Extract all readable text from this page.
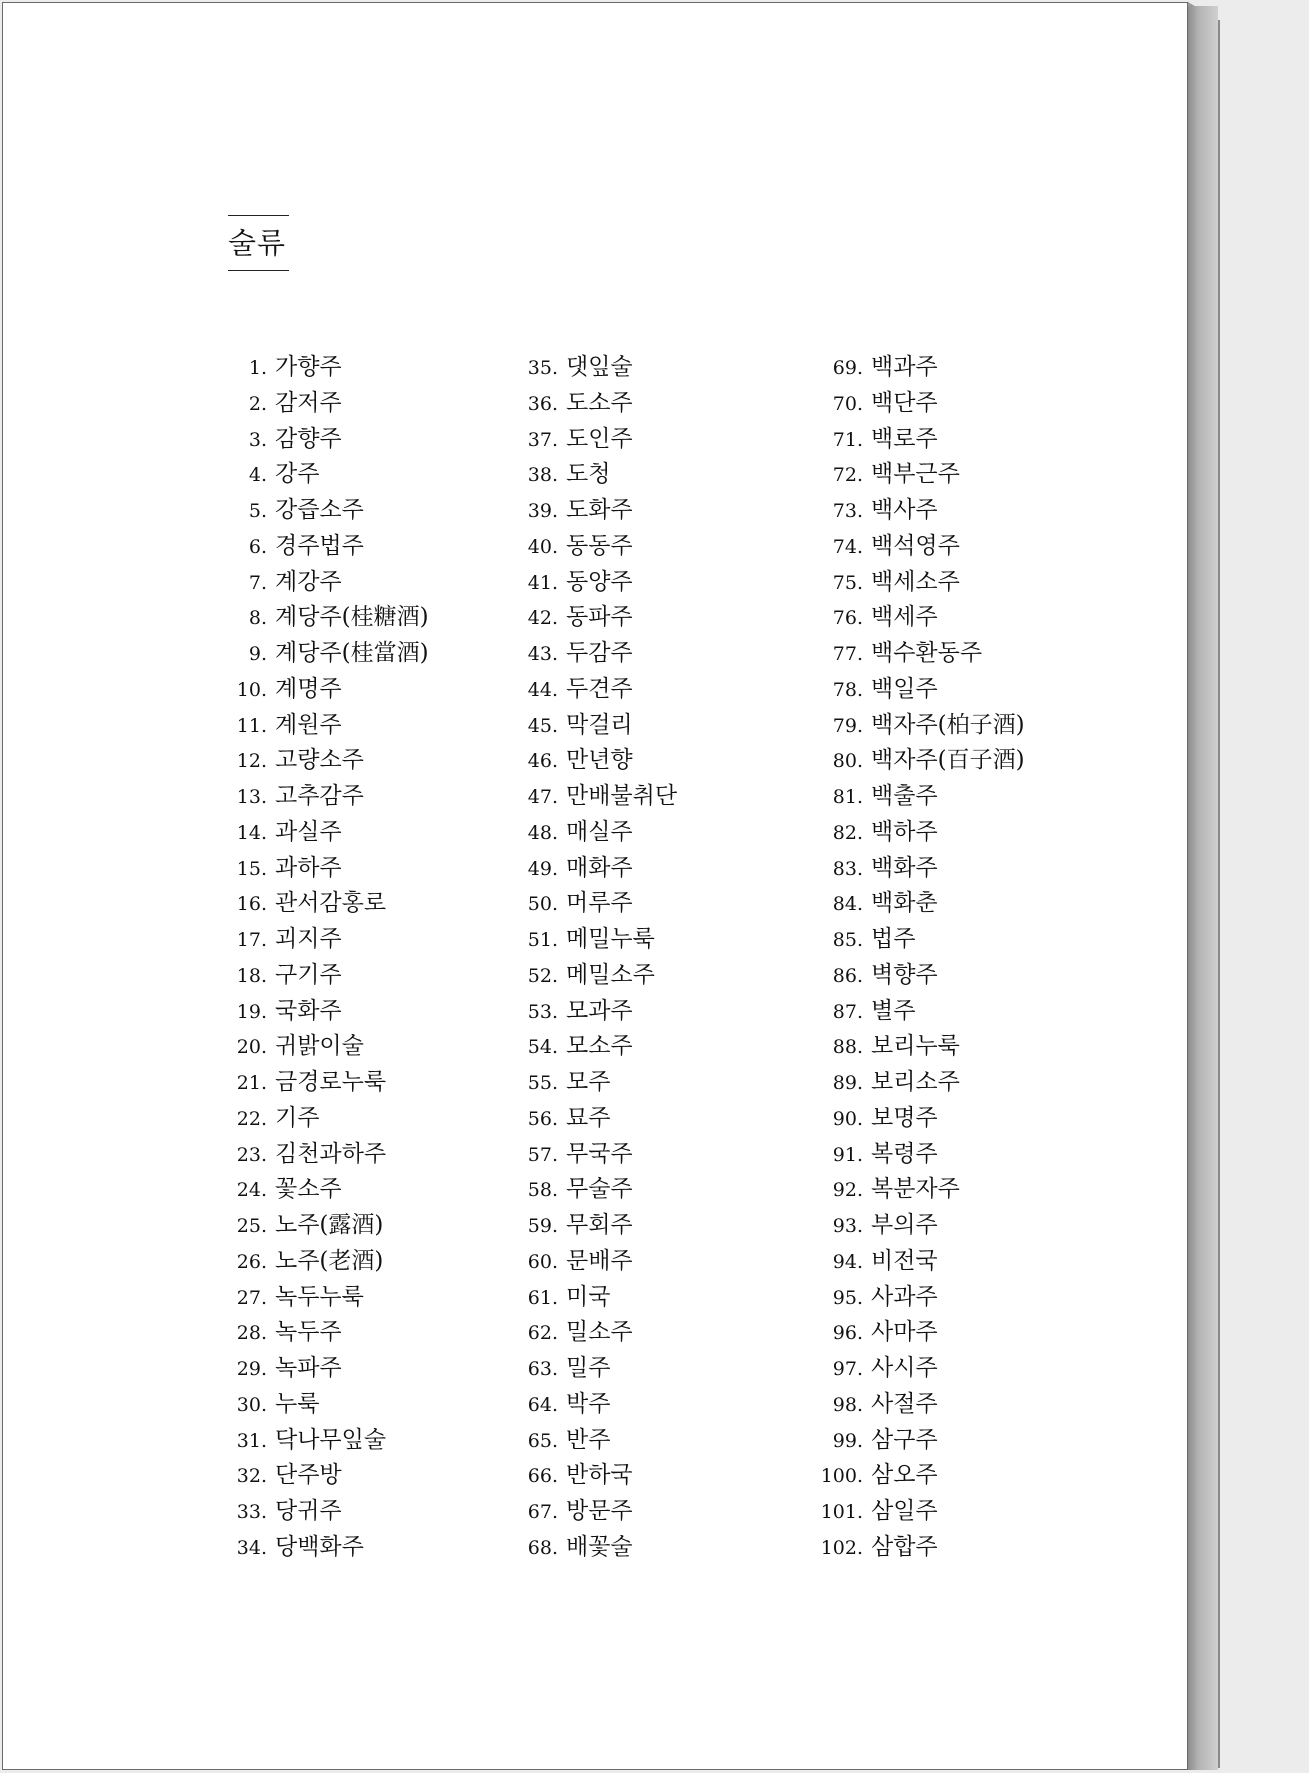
술류
1. 가향주
2. 감저주
3. 감향주
4. 강주
5. 강즙소주
6. 경주법주
7. 계강주
8. 계당주(桂糖酒)
9. 계당주(桂當酒)
10. 계명주
11. 계원주
12. 고량소주
13. 고추감주
14. 과실주
15. 과하주
16. 관서감홍로
17. 괴지주
18. 구기주
19. 국화주
20. 귀밝이술
21. 금경로누룩
22. 기주
23. 김천과하주
24. 꽃소주
25. 노주(露酒)
26. 노주(老酒)
27. 녹두누룩
28. 녹두주
29. 녹파주
30. 누룩
31. 닥나무잎술
32. 단주방
33. 당귀주
34. 당백화주
35. 댓잎술
36. 도소주
37. 도인주
38. 도청
39. 도화주
40. 동동주
41. 동양주
42. 동파주
43. 두감주
44. 두견주
45. 막걸리
46. 만년향
47. 만배불취단
48. 매실주
49. 매화주
50. 머루주
51. 메밀누룩
52. 메밀소주
53. 모과주
54. 모소주
55. 모주
56. 묘주
57. 무국주
58. 무술주
59. 무회주
60. 문배주
61. 미국
62. 밀소주
63. 밀주
64. 박주
65. 반주
66. 반하국
67. 방문주
68. 배꽃술
69. 백과주
70. 백단주
71. 백로주
72. 백부근주
73. 백사주
74. 백석영주
75. 백세소주
76. 백세주
77. 백수환동주
78. 백일주
79. 백자주(柏子酒)
80. 백자주(百子酒)
81. 백출주
82. 백하주
83. 백화주
84. 백화춘
85. 법주
86. 벽향주
87. 별주
88. 보리누룩
89. 보리소주
90. 보명주
91. 복령주
92. 복분자주
93. 부의주
94. 비전국
95. 사과주
96. 사마주
97. 사시주
98. 사절주
99. 삼구주
100. 삼오주
101. 삼일주
102. 삼합주
